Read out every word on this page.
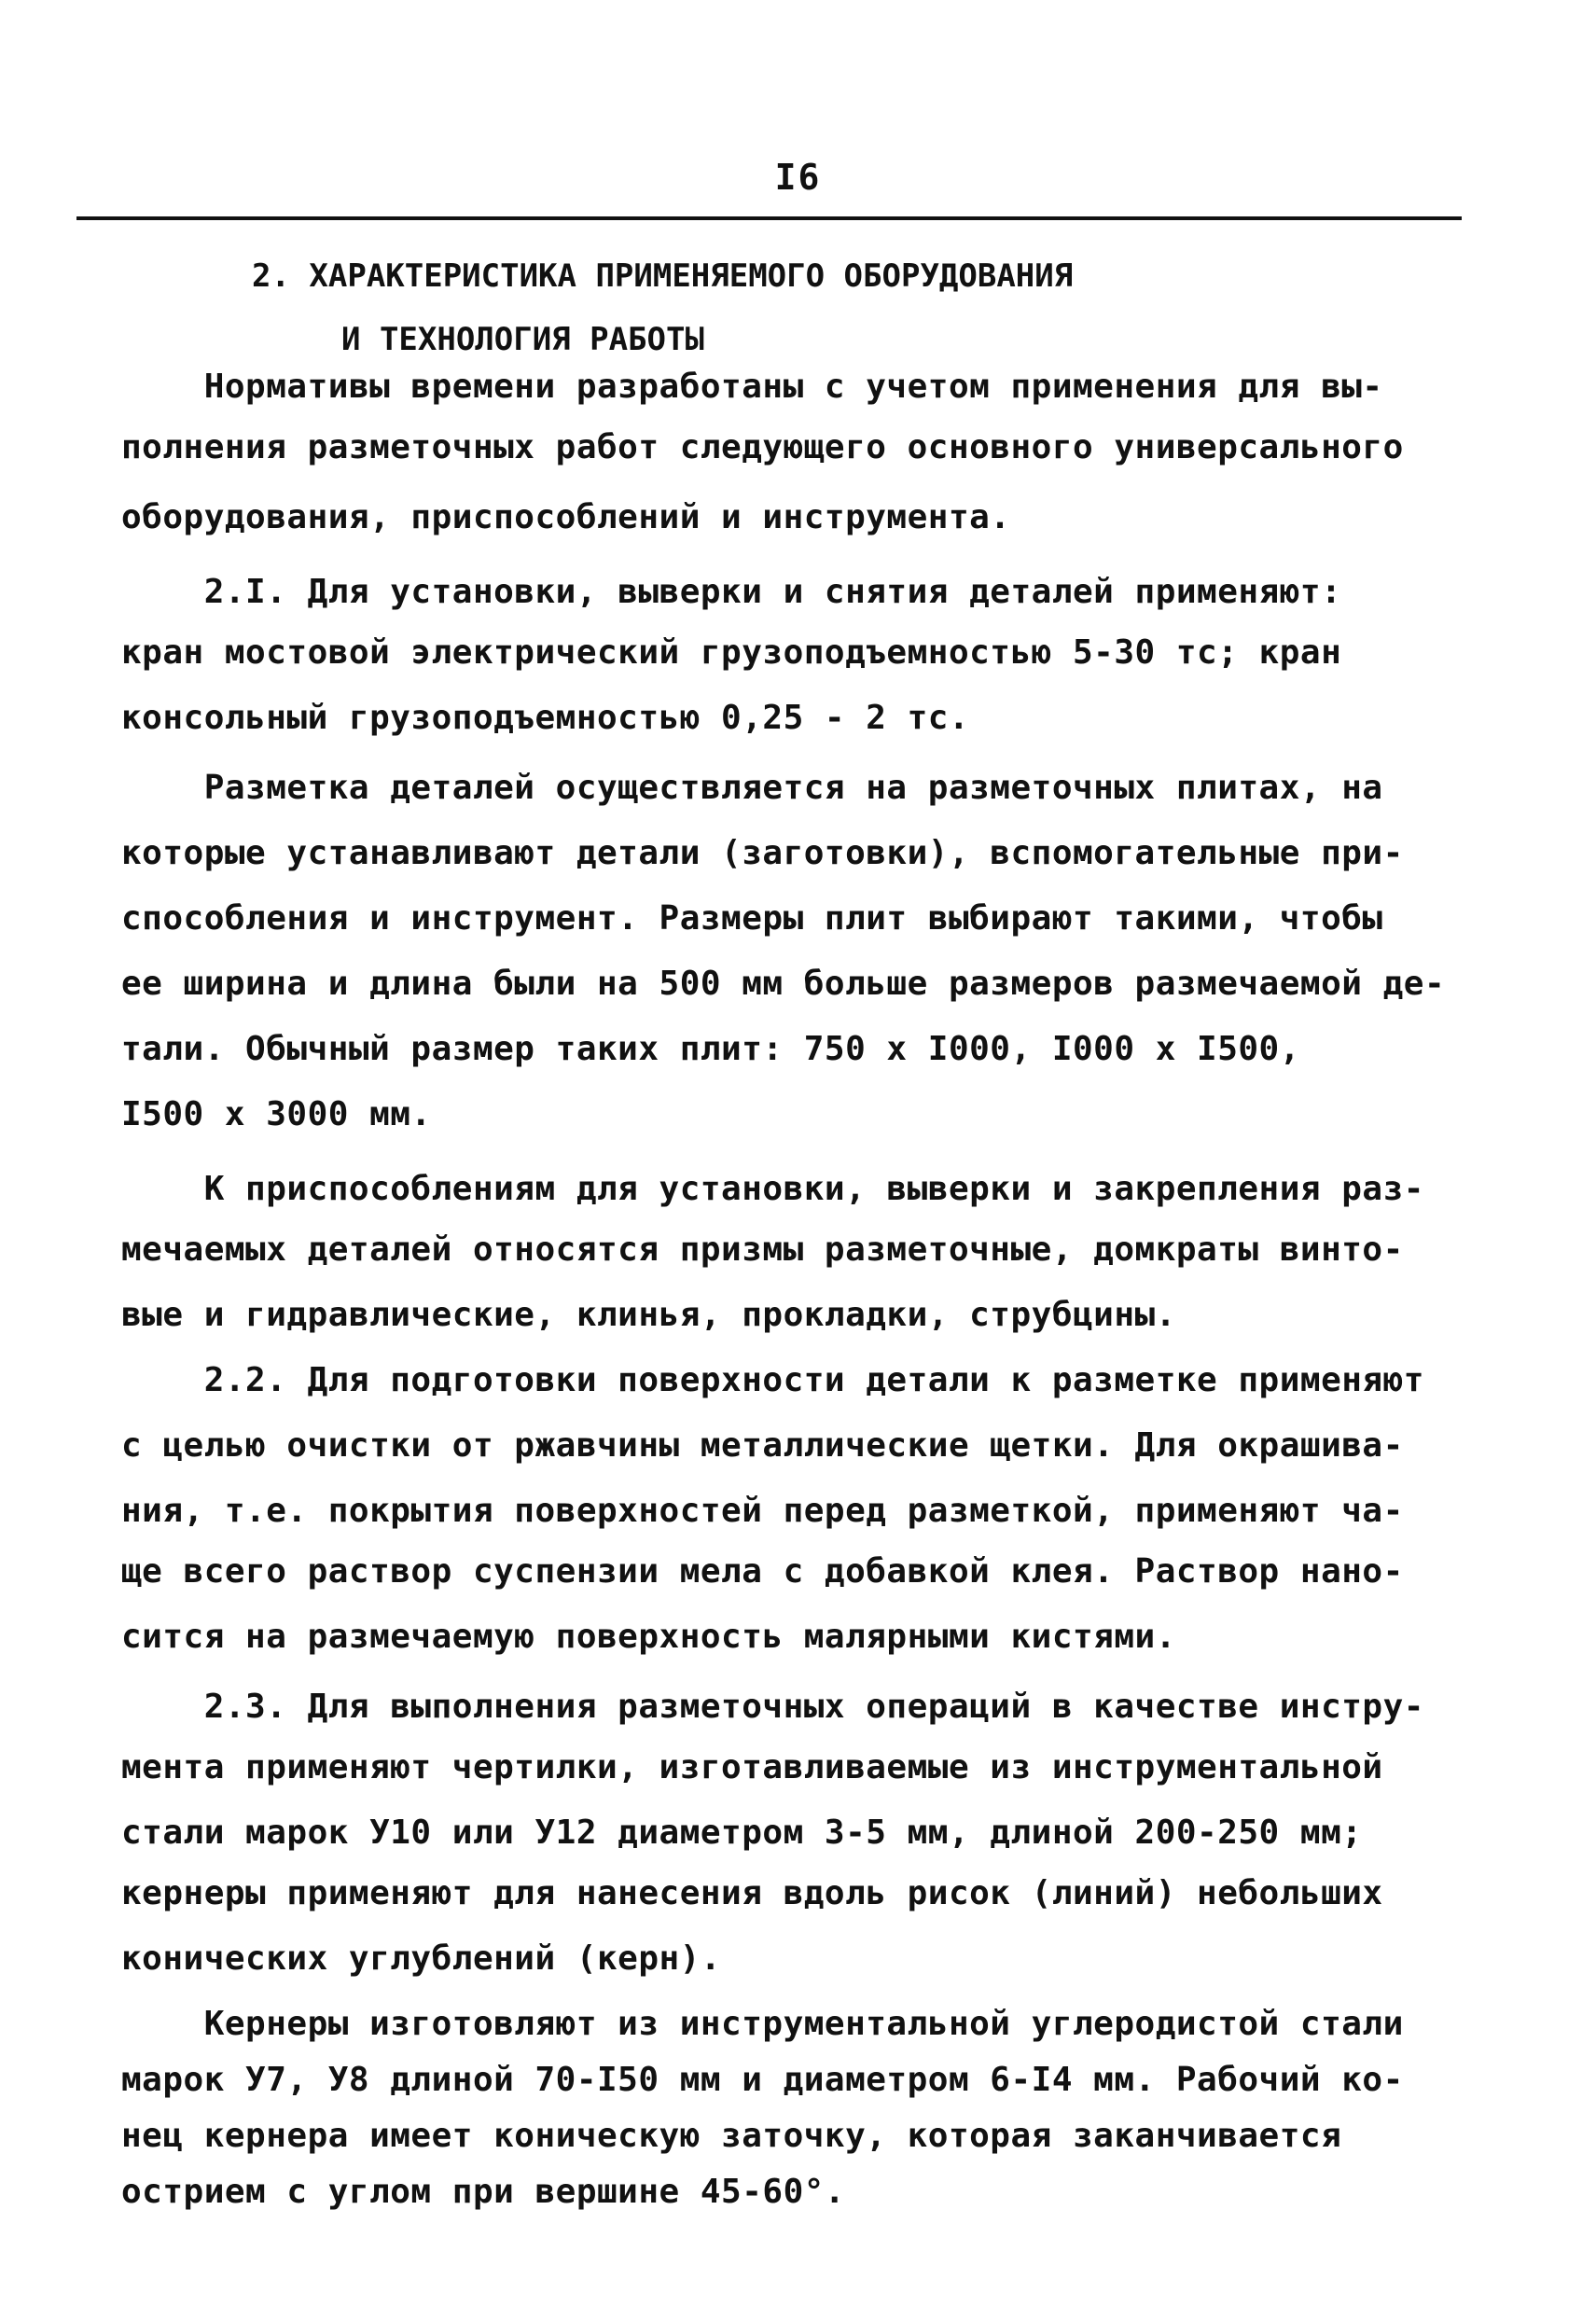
I6
2. ХАРАКТЕРИСТИКА ПРИМЕНЯЕМОГО ОБОРУДОВАНИЯ
И ТЕХНОЛОГИЯ РАБОТЫ
Нормативы времени разработаны с учетом применения для вы-
полнения разметочных работ следующего основного универсального
оборудования, приспособлений и инструмента.
2.I. Для установки, выверки и снятия деталей применяют:
кран мостовой электрический грузоподъемностью 5-30 тс; кран
консольный грузоподъемностью 0,25 - 2 тс.
Разметка деталей осуществляется на разметочных плитах, на
которые устанавливают детали (заготовки), вспомогательные при-
способления и инструмент. Размеры плит выбирают такими, чтобы
ее ширина и длина были на 500 мм больше размеров размечаемой де-
тали. Обычный размер таких плит: 750 х I000, I000 х I500,
I500 х 3000 мм.
К приспособлениям для установки, выверки и закрепления раз-
мечаемых деталей относятся призмы разметочные, домкраты винто-
вые и гидравлические, клинья, прокладки, струбцины.
2.2. Для подготовки поверхности детали к разметке применяют
с целью очистки от ржавчины металлические щетки. Для окрашива-
ния, т.е. покрытия поверхностей перед разметкой, применяют ча-
ще всего раствор суспензии мела с добавкой клея. Раствор нано-
сится на размечаемую поверхность малярными кистями.
2.3. Для выполнения разметочных операций в качестве инстру-
мента применяют чертилки, изготавливаемые из инструментальной
стали марок У10 или У12 диаметром 3-5 мм, длиной 200-250 мм;
кернеры применяют для нанесения вдоль рисок (линий) небольших
конических углублений (керн).
Кернеры изготовляют из инструментальной углеродистой стали
марок У7, У8 длиной 70-I50 мм и диаметром 6-I4 мм. Рабочий ко-
нец кернера имеет коническую заточку, которая заканчивается
острием с углом при вершине 45-60°.
